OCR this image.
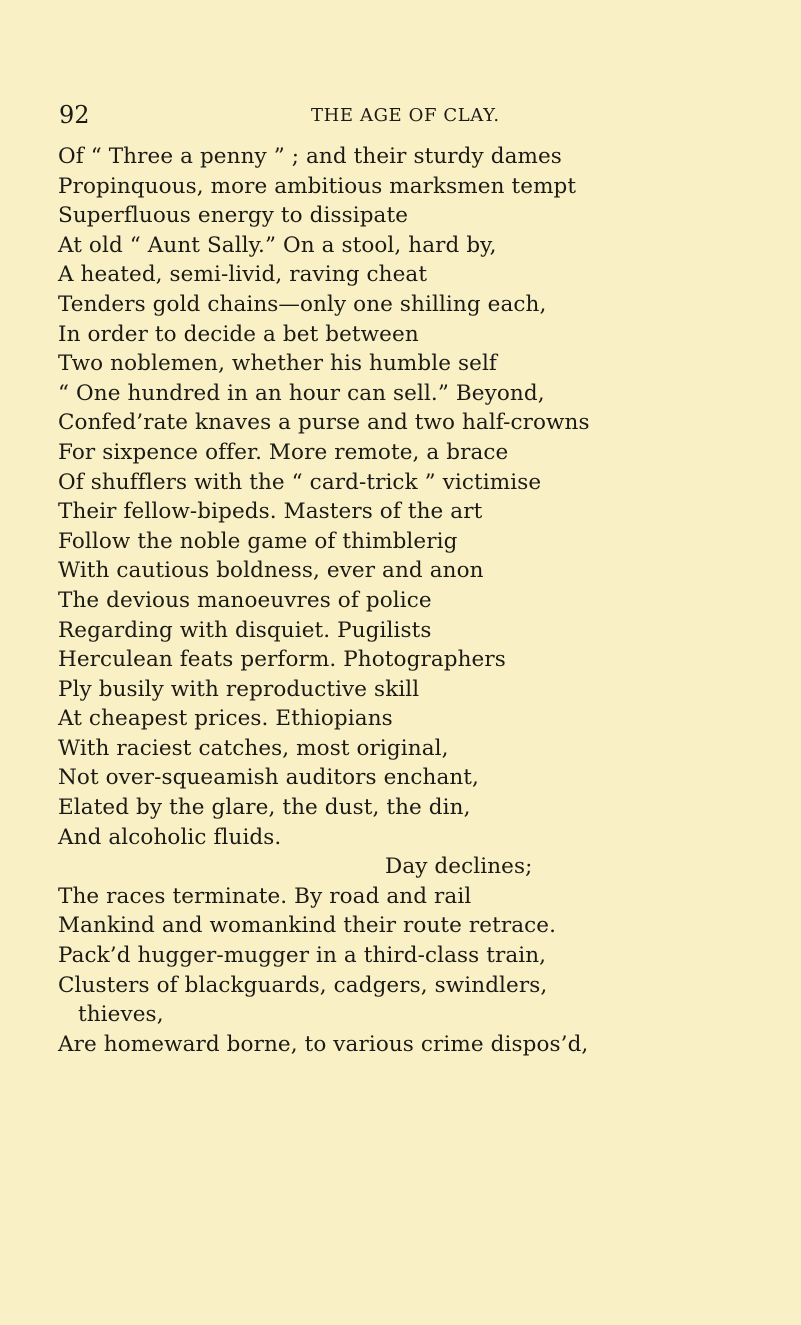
92	THE AGE OF CLAY.
Of “ Three a penny ” ; and their sturdy dames
Propinquous, more ambitious marksmen tempt
Superfluous energy to dissipate
At old “ Aunt Sally.” On a stool, hard by,
A heated, semi-livid, raving cheat
Tenders gold chains—only one shilling each,
In order to decide a bet between
Two noblemen, whether his humble self
“ One hundred in an hour can sell.” Beyond,
Confed’rate knaves a purse and two half-crowns
For sixpence offer. More remote, a brace
Of shufflers with the “ card-trick ” victimise
Their fellow-bipeds. Masters of the art
Follow the noble game of thimblerig
With cautious boldness, ever and anon
The devious manoeuvres of police
Regarding with disquiet. Pugilists
Herculean feats perform. Photographers
Ply busily with reproductive skill
At cheapest prices. Ethiopians
With raciest catches, most original,
Not over-squeamish auditors enchant,
Elated by the glare, the dust, the din,
And alcoholic fluids.
Day declines;
The races terminate. By road and rail
Mankind and womankind their route retrace.
Pack’d hugger-mugger in a third-class train,
Clusters of blackguards, cadgers, swindlers,
thieves,
Are homeward borne, to various crime dispos’d,
